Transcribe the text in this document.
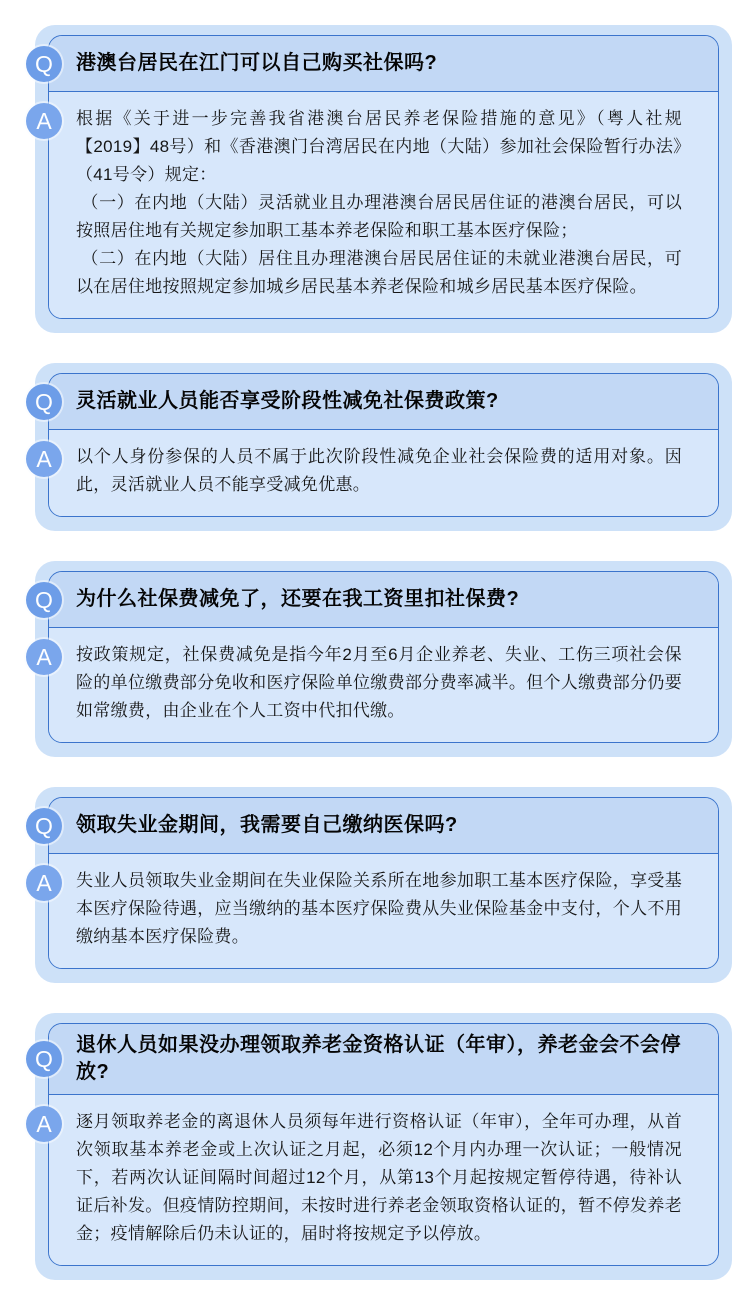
Q	港澳台居民在江门可以自己购买社保吗?
A	根据《关于进一步完善我省港澳台居民养老保险措施的意见》（粤人社规【2019】48号）和《香港澳门台湾居民在内地（大陆）参加社会保险暂行办法》（41号令）规定：

（一）在内地（大陆）灵活就业且办理港澳台居民居住证的港澳台居民，可以按照居住地有关规定参加职工基本养老保险和职工基本医疗保险；

（二）在内地（大陆）居住且办理港澳台居民居住证的未就业港澳台居民，可以在居住地按照规定参加城乡居民基本养老保险和城乡居民基本医疗保险。

Q	灵活就业人员能否享受阶段性减免社保费政策?
A	以个人身份参保的人员不属于此次阶段性减免企业社会保险费的适用对象。因此，灵活就业人员不能享受减免优惠。

Q	为什么社保费减免了，还要在我工资里扣社保费?
A	按政策规定，社保费减免是指今年2月至6月企业养老、失业、工伤三项社会保险的单位缴费部分免收和医疗保险单位缴费部分费率减半。但个人缴费部分仍要如常缴费，由企业在个人工资中代扣代缴。

Q	领取失业金期间，我需要自己缴纳医保吗?
A	失业人员领取失业金期间在失业保险关系所在地参加职工基本医疗保险，享受基本医疗保险待遇，应当缴纳的基本医疗保险费从失业保险基金中支付，个人不用缴纳基本医疗保险费。

Q
退休人员如果没办理领取养老金资格认证（年审），养老金会不会停放?
A	逐月领取养老金的离退休人员须每年进行资格认证（年审），全年可办理，从首次领取基本养老金或上次认证之月起，必须12个月内办理一次认证；一般情况下，若两次认证间隔时间超过12个月，从第13个月起按规定暂停待遇，待补认证后补发。但疫情防控期间，未按时进行养老金领取资格认证的，暂不停发养老金；疫情解除后仍未认证的，届时将按规定予以停放。
